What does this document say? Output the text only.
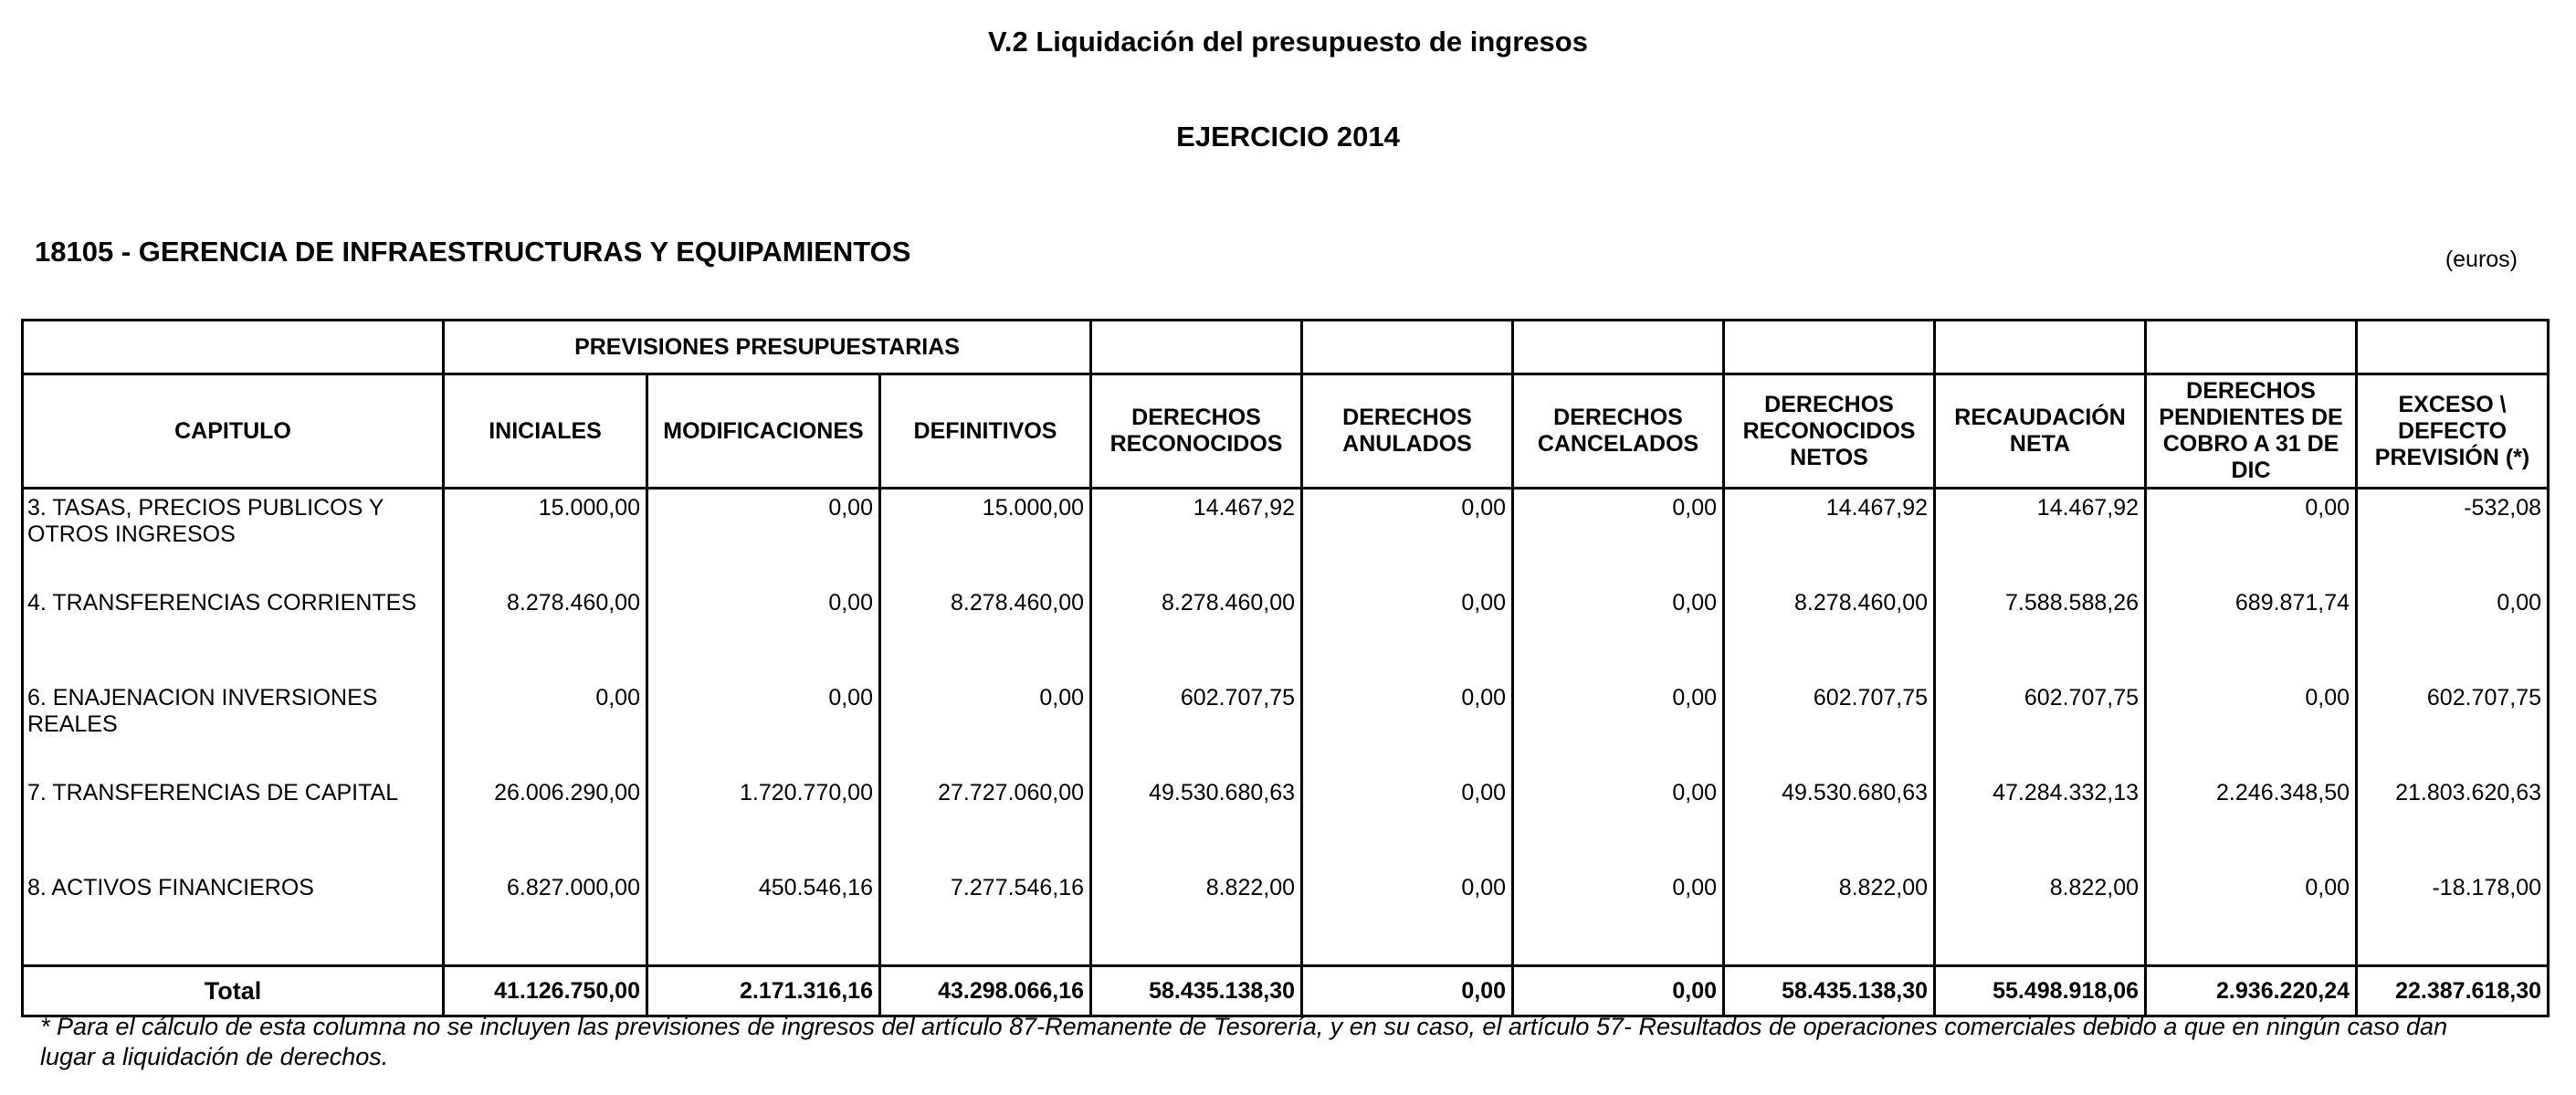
V.2 Liquidación del presupuesto de ingresos
EJERCICIO 2014
18105 - GERENCIA DE INFRAESTRUCTURAS Y EQUIPAMIENTOS	(euros)
	PREVISIONES PRESUPUESTARIAS									
CAPITULO	INICIALES	MODIFICACIONES	DEFINITIVOS	DERECHOS RECONOCIDOS	DERECHOS ANULADOS	DERECHOS CANCELADOS	DERECHOS RECONOCIDOS NETOS	RECAUDACIÓN NETA	DERECHOS PENDIENTES DE COBRO A 31 DE DIC	EXCESO \ DEFECTO PREVISIÓN (*)
3. TASAS, PRECIOS PUBLICOS Y OTROS INGRESOS	15.000,00	0,00	15.000,00	14.467,92	0,00	0,00	14.467,92	14.467,92	0,00	-532,08
4. TRANSFERENCIAS CORRIENTES	8.278.460,00	0,00	8.278.460,00	8.278.460,00	0,00	0,00	8.278.460,00	7.588.588,26	689.871,74	0,00
6. ENAJENACION INVERSIONES REALES	0,00	0,00	0,00	602.707,75	0,00	0,00	602.707,75	602.707,75	0,00	602.707,75
7. TRANSFERENCIAS DE CAPITAL	26.006.290,00	1.720.770,00	27.727.060,00	49.530.680,63	0,00	0,00	49.530.680,63	47.284.332,13	2.246.348,50	21.803.620,63
8. ACTIVOS FINANCIEROS	6.827.000,00	450.546,16	7.277.546,16	8.822,00	0,00	0,00	8.822,00	8.822,00	0,00	-18.178,00
Total	41.126.750,00	2.171.316,16	43.298.066,16	58.435.138,30	0,00	0,00	58.435.138,30	55.498.918,06	2.936.220,24	22.387.618,30
* Para el cálculo de esta columna no se incluyen las previsiones de ingresos del artículo 87-Remanente de Tesorería, y en su caso, el artículo 57- Resultados de operaciones comerciales debido a que en ningún caso dan lugar a liquidación de derechos.
